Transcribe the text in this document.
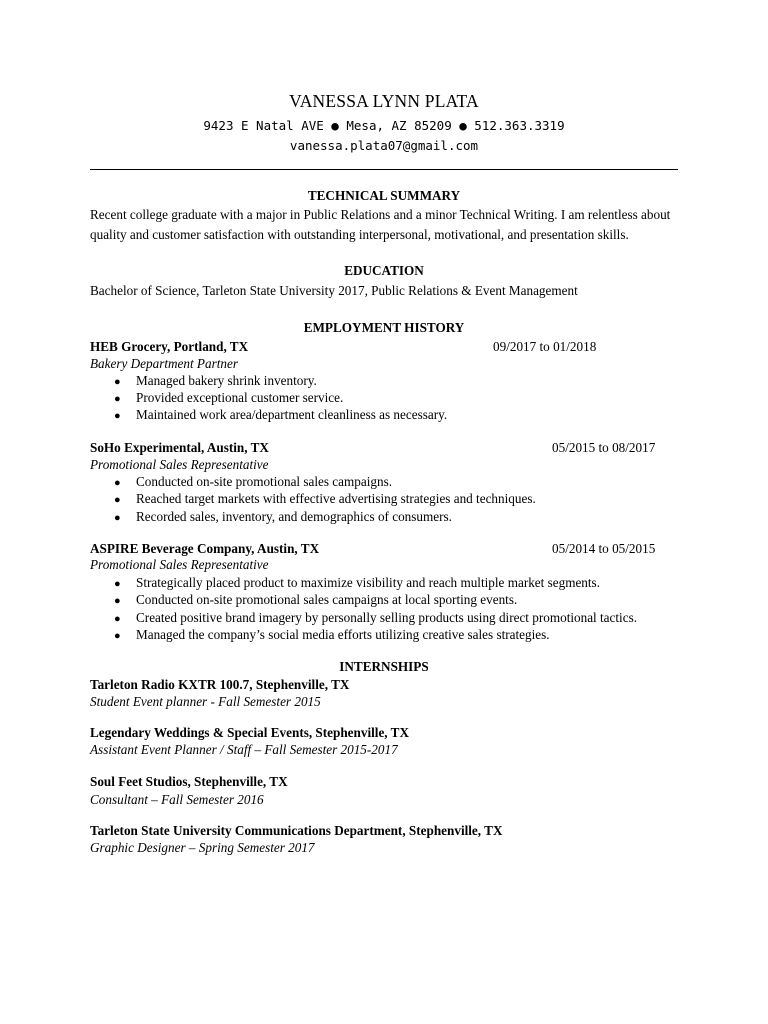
VANESSA LYNN PLATA
9423 E Natal AVE ● Mesa, AZ 85209 ● 512.363.3319
vanessa.plata07@gmail.com
TECHNICAL SUMMARY
Recent college graduate with a major in Public Relations and a minor Technical Writing. I am relentless about quality and customer satisfaction with outstanding interpersonal, motivational, and presentation skills.
EDUCATION
Bachelor of Science, Tarleton State University 2017, Public Relations & Event Management
EMPLOYMENT HISTORY
HEB Grocery, Portland, TX	09/2017 to 01/2018
Bakery Department Partner
● Managed bakery shrink inventory.
● Provided exceptional customer service.
● Maintained work area/department cleanliness as necessary.
SoHo Experimental, Austin, TX	05/2015 to 08/2017
Promotional Sales Representative
● Conducted on-site promotional sales campaigns.
● Reached target markets with effective advertising strategies and techniques.
● Recorded sales, inventory, and demographics of consumers.
ASPIRE Beverage Company, Austin, TX	05/2014 to 05/2015
Promotional Sales Representative
● Strategically placed product to maximize visibility and reach multiple market segments.
● Conducted on-site promotional sales campaigns at local sporting events.
● Created positive brand imagery by personally selling products using direct promotional tactics.
● Managed the company’s social media efforts utilizing creative sales strategies.
INTERNSHIPS
Tarleton Radio KXTR 100.7, Stephenville, TX
Student Event planner - Fall Semester 2015
Legendary Weddings & Special Events, Stephenville, TX
Assistant Event Planner / Staff – Fall Semester 2015-2017
Soul Feet Studios, Stephenville, TX
Consultant – Fall Semester 2016
Tarleton State University Communications Department, Stephenville, TX
Graphic Designer – Spring Semester 2017
